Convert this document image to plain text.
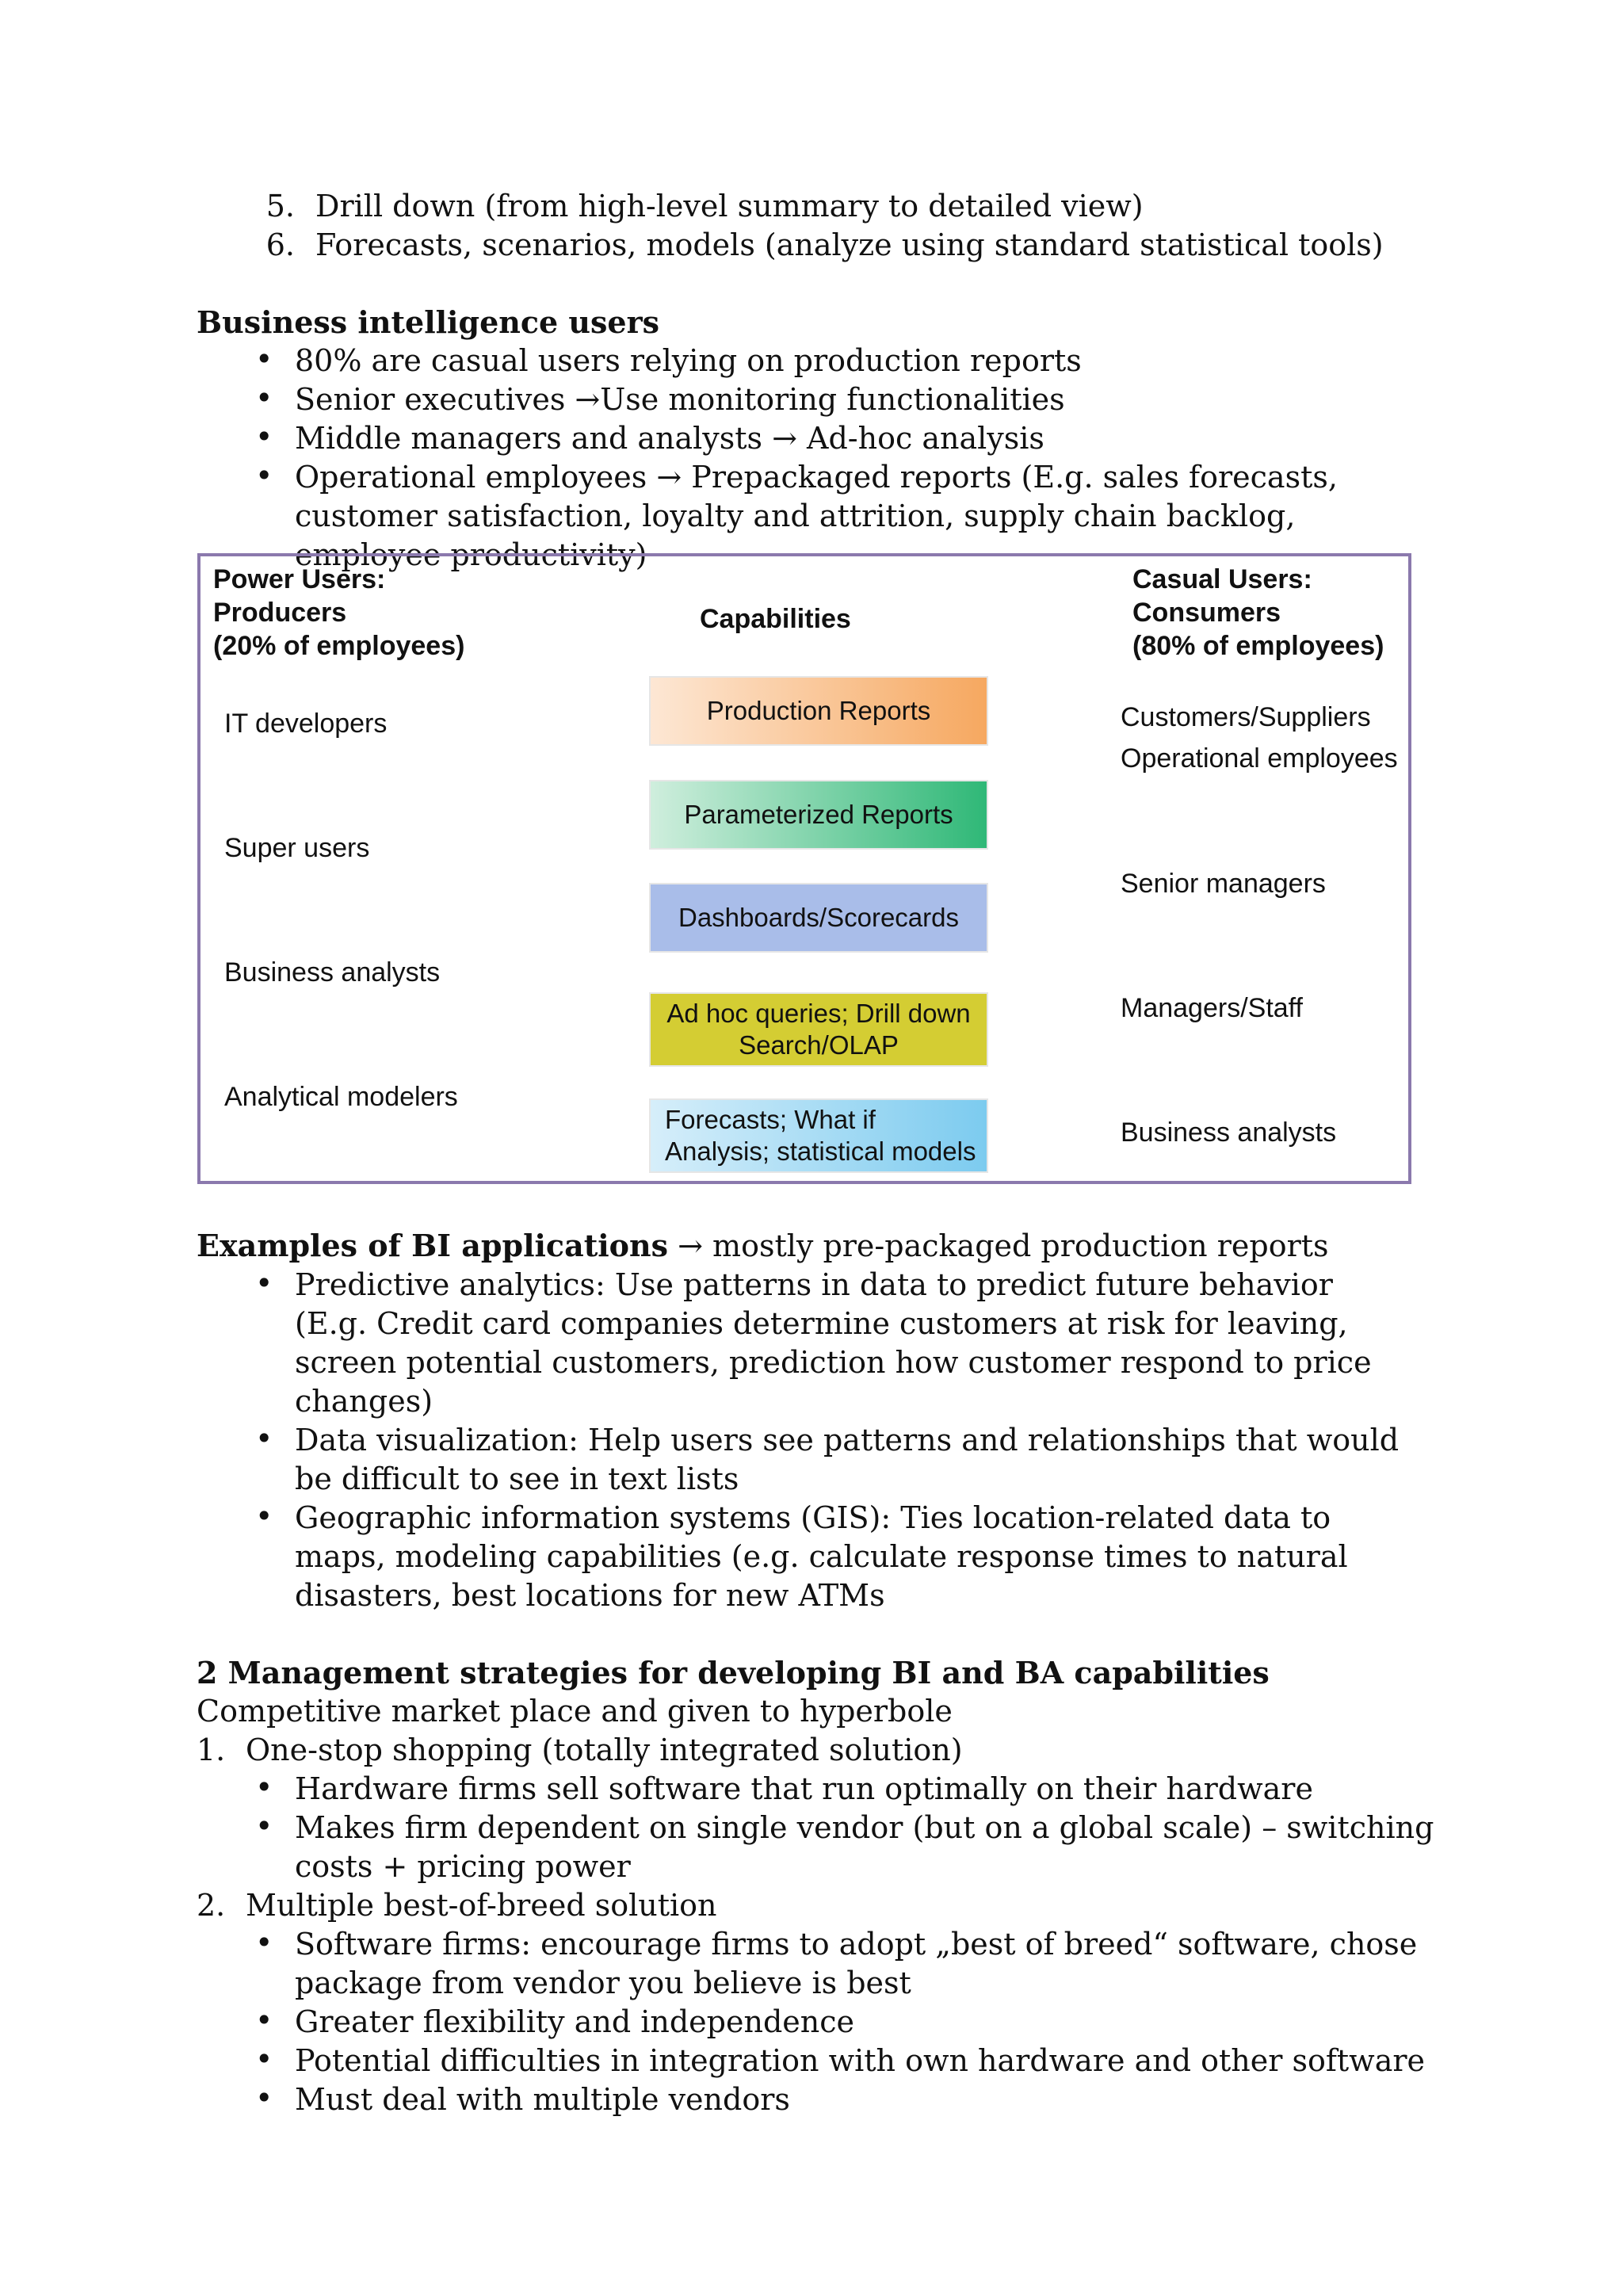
5. Drill down (from high-level summary to detailed view)
6. Forecasts, scenarios, models (analyze using standard statistical tools)
Business intelligence users
• 80% are casual users relying on production reports
• Senior executives →Use monitoring functionalities
• Middle managers and analysts → Ad-hoc analysis
• Operational employees → Prepackaged reports (E.g. sales forecasts, customer satisfaction, loyalty and attrition, supply chain backlog, employee productivity)
Power Users:
Producers
(20% of employees)
Capabilities
Casual Users:
Consumers
(80% of employees)
IT developers
Super users
Business analysts
Analytical modelers
Production Reports
Parameterized Reports
Dashboards/Scorecards
Ad hoc queries; Drill down
Search/OLAP
Forecasts; What if
Analysis; statistical models
Customers/Suppliers
Operational employees
Senior managers
Managers/Staff
Business analysts
Examples of BI applications → mostly pre-packaged production reports
• Predictive analytics: Use patterns in data to predict future behavior (E.g. Credit card companies determine customers at risk for leaving, screen potential customers, prediction how customer respond to price changes)
• Data visualization: Help users see patterns and relationships that would be difficult to see in text lists
• Geographic information systems (GIS): Ties location-related data to maps, modeling capabilities (e.g. calculate response times to natural disasters, best locations for new ATMs
2 Management strategies for developing BI and BA capabilities
Competitive market place and given to hyperbole
1. One-stop shopping (totally integrated solution)
• Hardware firms sell software that run optimally on their hardware
• Makes firm dependent on single vendor (but on a global scale) – switching costs + pricing power
2. Multiple best-of-breed solution
• Software firms: encourage firms to adopt „best of breed“ software, chose package from vendor you believe is best
• Greater flexibility and independence
• Potential difficulties in integration with own hardware and other software
• Must deal with multiple vendors
